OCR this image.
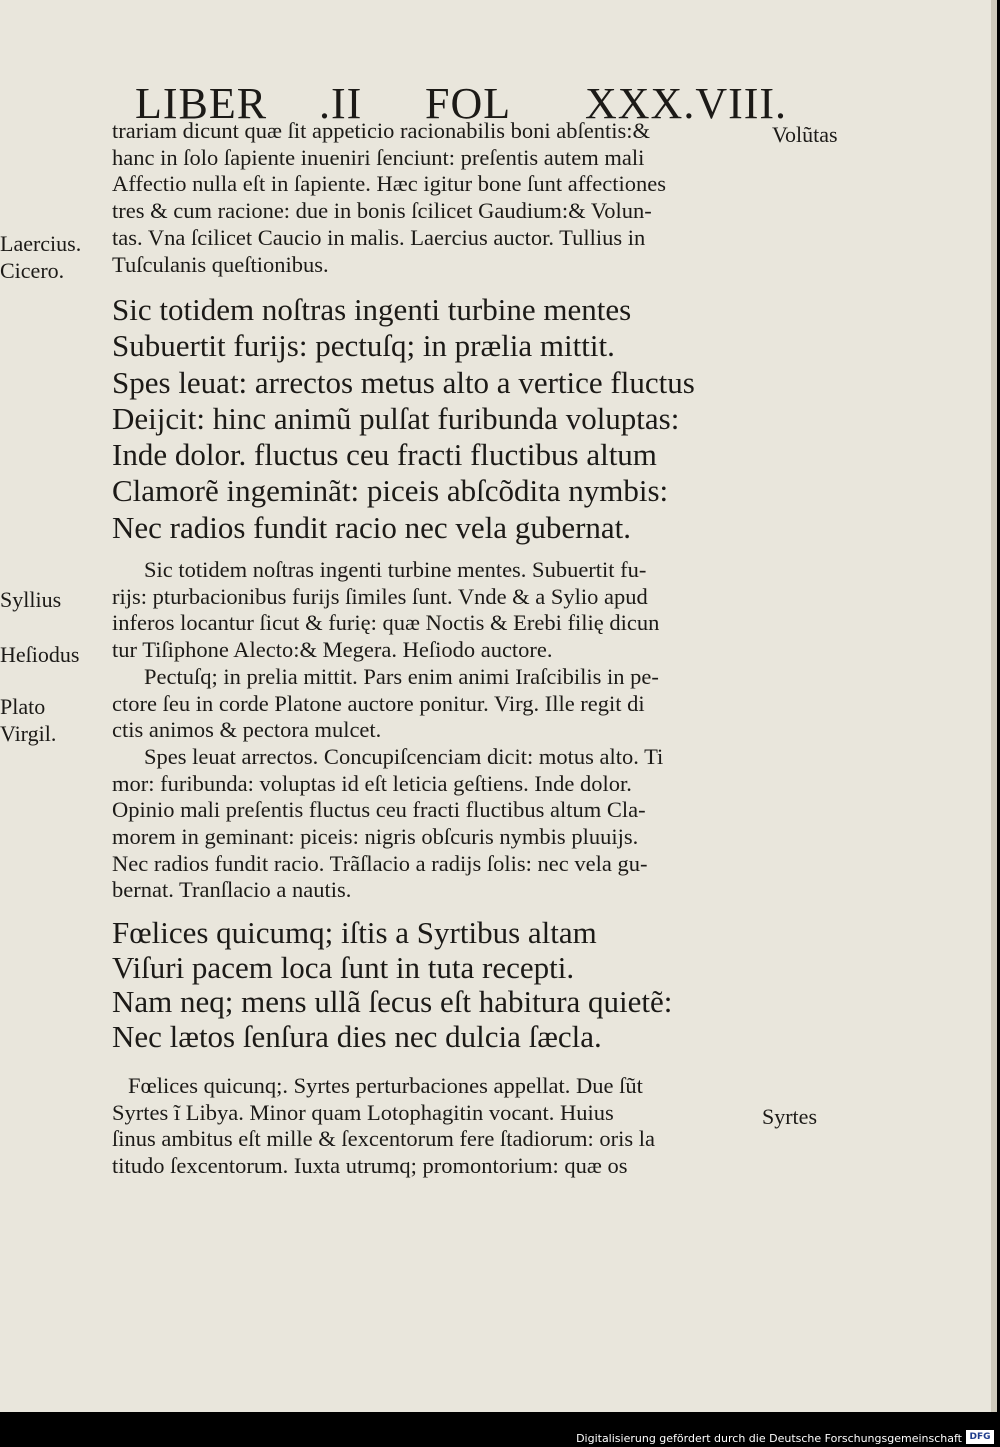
LIBER .II FOL XXX.VIII.
trariam dicunt quæ ſit appeticio racionabilis boni abſentis:&
hanc in ſolo ſapiente inueniri ſenciunt: preſentis autem mali
Affectio nulla eſt in ſapiente. Hæc igitur bone ſunt affectiones
tres & cum racione: due in bonis ſcilicet Gaudium:& Volun-
tas. Vna ſcilicet Caucio in malis. Laercius auctor. Tullius in
Tuſculanis queſtionibus.
Sic totidem noſtras ingenti turbine mentes
Subuertit furijs: pectuſq; in prælia mittit.
Spes leuat: arrectos metus alto a vertice fluctus
Deijcit: hinc animũ pulſat furibunda voluptas:
Inde dolor. fluctus ceu fracti fluctibus altum
Clamorẽ ingeminãt: piceis abſcõdita nymbis:
Nec radios fundit racio nec vela gubernat.
Sic totidem noſtras ingenti turbine mentes. Subuertit fu-
rijs: pturbacionibus furijs ſimiles ſunt. Vnde & a Sylio apud
inferos locantur ſicut & furię: quæ Noctis & Erebi filię dicun
tur Tiſiphone Alecto:& Megera. Heſiodo auctore.
Pectuſq; in prelia mittit. Pars enim animi Iraſcibilis in pe-
ctore ſeu in corde Platone auctore ponitur. Virg. Ille regit di
ctis animos & pectora mulcet.
Spes leuat arrectos. Concupiſcenciam dicit: motus alto. Ti
mor: furibunda: voluptas id eſt leticia geſtiens. Inde dolor.
Opinio mali preſentis fluctus ceu fracti fluctibus altum Cla-
morem in geminant: piceis: nigris obſcuris nymbis pluuijs.
Nec radios fundit racio. Trãſlacio a radijs ſolis: nec vela gu-
bernat. Tranſlacio a nautis.
Fœlices quicumq; iſtis a Syrtibus altam
Viſuri pacem loca ſunt in tuta recepti.
Nam neq; mens ullã ſecus eſt habitura quietẽ:
Nec lætos ſenſura dies nec dulcia ſæcla.
Fœlices quicunq;. Syrtes perturbaciones appellat. Due ſũt
Syrtes ĩ Libya. Minor quam Lotophagitin vocant. Huius
ſinus ambitus eſt mille & ſexcentorum fere ſtadiorum: oris la
titudo ſexcentorum. Iuxta utrumq; promontorium: quæ os
Volũtas
Laercius.
Cicero.
Syllius
Heſiodus
Plato
Virgil.
Syrtes
Digitalisierung gefördert durch die Deutsche Forschungsgemeinschaft DFG
